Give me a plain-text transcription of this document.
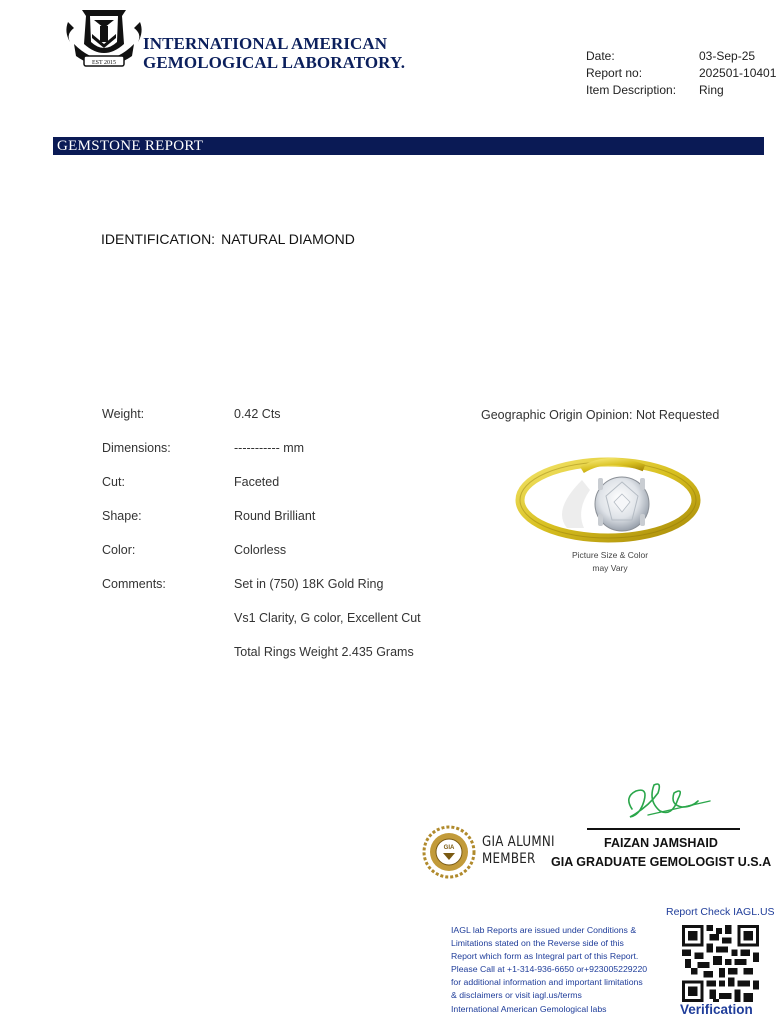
EST 2015
INTERNATIONAL AMERICAN
GEMOLOGICAL LABORATORY.	Date:	03-Sep-25
Report no:	202501-10401
Item Description: Ring
GEMSTONE REPORT
IDENTIFICATION: NATURAL DIAMOND
Weight:	0.42 Cts
Dimensions:	----------- mm
Cut:	Faceted
Shape:	Round Brilliant
Color:	Colorless
Comments:	Set in (750) 18K Gold Ring
Vs1 Clarity, G color, Excellent Cut
Total Rings Weight 2.435 Grams
Geographic Origin Opinion: Not Requested
Picture Size & Color
may Vary
FAIZAN JAMSHAID
GIA GRADUATE GEMOLOGIST U.S.A
GIA GIA ALUMNI
MEMBER
Report Check IAGL.US
IAGL lab Reports are issued under Conditions &
Limitations stated on the Reverse side of this
Report which form as Integral part of this Report.
Please Call at +1-314-936-6650 or+923005229220
for additional information and important limitations
& disclaimers or visit iagl.us/terms
International American Gemological labs	Verification
